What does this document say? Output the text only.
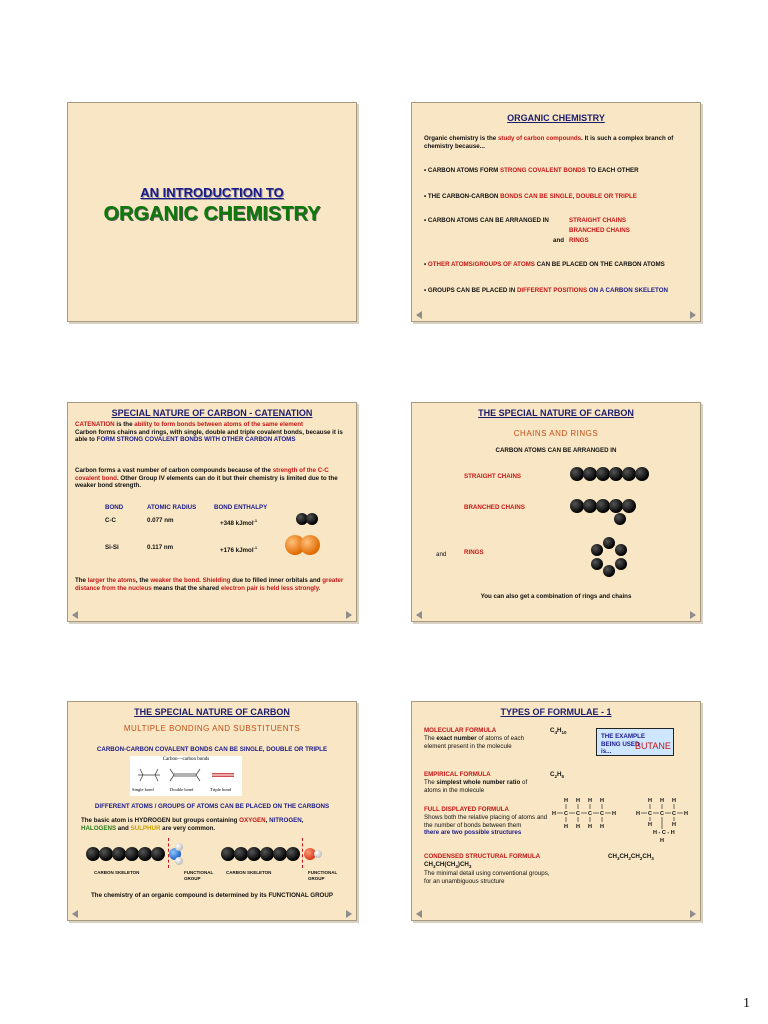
AN INTRODUCTION TO
ORGANIC CHEMISTRY
ORGANIC CHEMISTRY
Organic chemistry is the study of carbon compounds. It is such a complex branch of chemistry because...
• CARBON ATOMS FORM STRONG COVALENT BONDS TO EACH OTHER
• THE CARBON-CARBON BONDS CAN BE SINGLE, DOUBLE OR TRIPLE
• CARBON ATOMS CAN BE ARRANGED IN	STRAIGHT CHAINS
BRANCHED CHAINS
and RINGS
• OTHER ATOMS/GROUPS OF ATOMS CAN BE PLACED ON THE CARBON ATOMS
• GROUPS CAN BE PLACED IN DIFFERENT POSITIONS ON A CARBON SKELETON
SPECIAL NATURE OF CARBON - CATENATION
CATENATION is the ability to form bonds between atoms of the same element
Carbon forms chains and rings, with single, double and triple covalent bonds, because it is able to FORM STRONG COVALENT BONDS WITH OTHER CARBON ATOMS
Carbon forms a vast number of carbon compounds because of the strength of the C-C covalent bond. Other Group IV elements can do it but their chemistry is limited due to the weaker bond strength.
BOND	ATOMIC RADIUS	BOND ENTHALPY
C-C	0.077 nm	+348 kJmol$^{-1}$
Si-Si	0.117 nm	+176 kJmol$^{-1}$
The larger the atoms, the weaker the bond. Shielding due to filled inner orbitals and greater distance from the nucleus means that the shared electron pair is held less strongly.
THE SPECIAL NATURE OF CARBON
CHAINS AND RINGS
CARBON ATOMS CAN BE ARRANGED IN
STRAIGHT CHAINS
BRANCHED CHAINS
and	RINGS
You can also get a combination of rings and chains
THE SPECIAL NATURE OF CARBON
MULTIPLE BONDING AND SUBSTITUENTS
CARBON-CARBON COVALENT BONDS CAN BE SINGLE, DOUBLE OR TRIPLE
Carbon—carbon bonds
Single bond	Double bond	Triple bond
DIFFERENT ATOMS / GROUPS OF ATOMS CAN BE PLACED ON THE CARBONS
The basic atom is HYDROGEN but groups containing OXYGEN, NITROGEN,
HALOGENS and SULPHUR are very common.
CARBON SKELETON	FUNCTIONAL GROUP
CARBON SKELETON	FUNCTIONAL GROUP
The chemistry of an organic compound is determined by its FUNCTIONAL GROUP
TYPES OF FORMULAE - 1
MOLECULAR FORMULA
The exact number of atoms of each element present in the molecule
$C_4H_{10}$
THE EXAMPLE BEING USED is...
BUTANE
EMPIRICAL FORMULA
The simplest whole number ratio of atoms in the molecule
$C_2H_5$
FULL DISPLAYED FORMULA
Shows both the relative placing of atoms and the number of bonds between them
there are two possible structures
H H H H
H C C C C H
H H H H
H H H
H C C C H
H	H
H - C - H
H
CONDENSED STRUCTURAL FORMULA
$CH_3CH(CH_3)CH_3$
The minimal detail using conventional groups, for an unambiguous structure
$CH_3CH_2CH_2CH_3$
1
